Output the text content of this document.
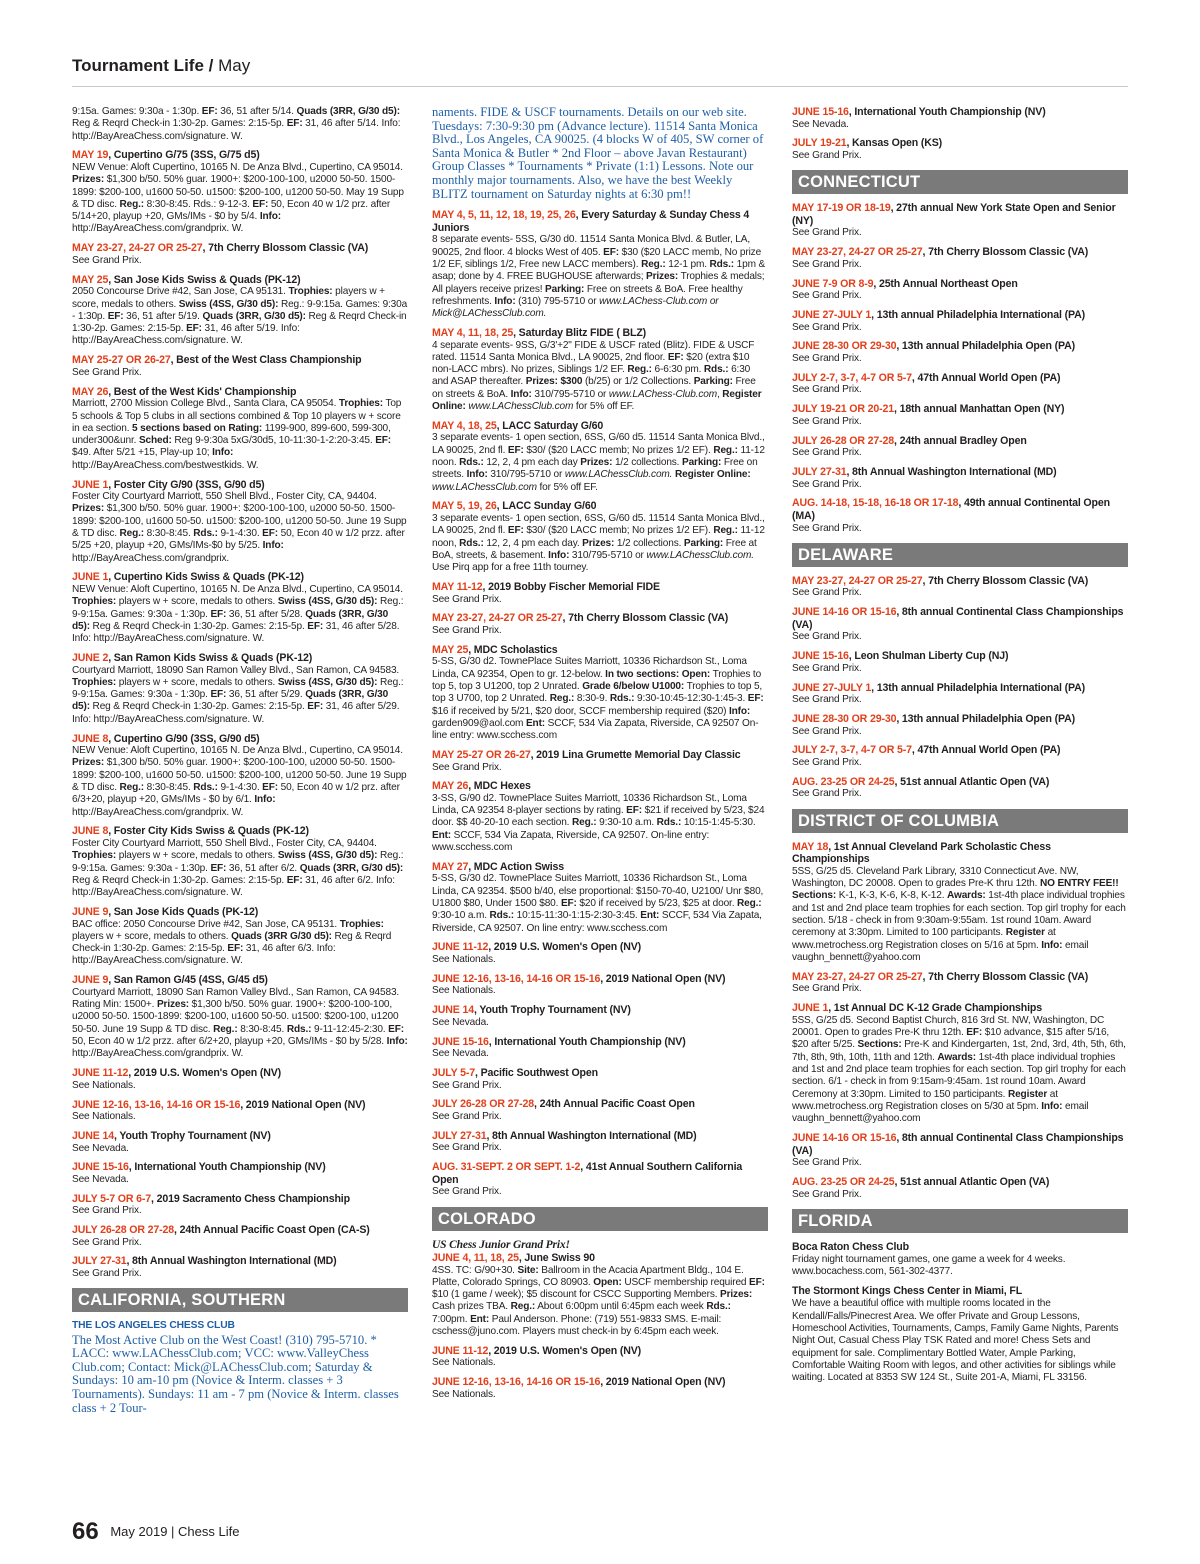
Tournament Life / May
9:15a. Games: 9:30a - 1:30p. EF: 36, 51 after 5/14. Quads (3RR, G/30 d5): Reg & Reqrd Check-in 1:30-2p. Games: 2:15-5p. EF: 31, 46 after 5/14. Info: http://BayAreaChess.com/signature. W.
MAY 19, Cupertino G/75 (3SS, G/75 d5)
NEW Venue: Aloft Cupertino, 10165 N. De Anza Blvd., Cupertino, CA 95014. Prizes: $1,300 b/50. 50% guar. 1900+: $200-100-100, u2000 50-50. 1500-1899: $200-100, u1600 50-50. u1500: $200-100, u1200 50-50. May 19 Supp & TD disc. Reg.: 8:30-8:45. Rds.: 9-12-3. EF: 50, Econ 40 w 1/2 prz. after 5/14+20, playup +20, GMs/IMs - $0 by 5/4. Info: http://BayAreaChess.com/grandprix. W.
MAY 23-27, 24-27 OR 25-27, 7th Cherry Blossom Classic (VA)
See Grand Prix.
MAY 25, San Jose Kids Swiss & Quads (PK-12)
2050 Concourse Drive #42, San Jose, CA 95131. Trophies: players w + score, medals to others. Swiss (4SS, G/30 d5): Reg.: 9-9:15a. Games: 9:30a - 1:30p. EF: 36, 51 after 5/19. Quads (3RR, G/30 d5): Reg & Reqrd Check-in 1:30-2p. Games: 2:15-5p. EF: 31, 46 after 5/19. Info: http://BayAreaChess.com/signature. W.
MAY 25-27 OR 26-27, Best of the West Class Championship
See Grand Prix.
MAY 26, Best of the West Kids' Championship
Marriott, 2700 Mission College Blvd., Santa Clara, CA 95054. Trophies: Top 5 schools & Top 5 clubs in all sections combined & Top 10 players w + score in ea section. 5 sections based on Rating: 1199-900, 899-600, 599-300, under300&unr. Sched: Reg 9-9:30a 5xG/30d5, 10-11:30-1-2:20-3:45. EF: $49. After 5/21 +15, Play-up 10; Info: http://BayAreaChess.com/bestwestkids. W.
JUNE 1, Foster City G/90 (3SS, G/90 d5)
Foster City Courtyard Marriott, 550 Shell Blvd., Foster City, CA, 94404. Prizes: $1,300 b/50. 50% guar. 1900+: $200-100-100, u2000 50-50. 1500-1899: $200-100, u1600 50-50. u1500: $200-100, u1200 50-50. June 19 Supp & TD disc. Reg.: 8:30-8:45. Rds.: 9-1-4:30. EF: 50, Econ 40 w 1/2 przz. after 5/25 +20, playup +20, GMs/IMs-$0 by 5/25. Info: http://BayAreaChess.com/grandprix.
JUNE 1, Cupertino Kids Swiss & Quads (PK-12)
NEW Venue: Aloft Cupertino, 10165 N. De Anza Blvd., Cupertino, CA 95014. Trophies: players w + score, medals to others. Swiss (4SS, G/30 d5): Reg.: 9-9:15a. Games: 9:30a - 1:30p. EF: 36, 51 after 5/28. Quads (3RR, G/30 d5): Reg & Reqrd Check-in 1:30-2p. Games: 2:15-5p. EF: 31, 46 after 5/28. Info: http://BayAreaChess.com/signature. W.
JUNE 2, San Ramon Kids Swiss & Quads (PK-12)
Courtyard Marriott, 18090 San Ramon Valley Blvd., San Ramon, CA 94583. Trophies: players w + score, medals to others. Swiss (4SS, G/30 d5): Reg.: 9-9:15a. Games: 9:30a - 1:30p. EF: 36, 51 after 5/29. Quads (3RR, G/30 d5): Reg & Reqrd Check-in 1:30-2p. Games: 2:15-5p. EF: 31, 46 after 5/29. Info: http://BayAreaChess.com/signature. W.
JUNE 8, Cupertino G/90 (3SS, G/90 d5)
NEW Venue: Aloft Cupertino, 10165 N. De Anza Blvd., Cupertino, CA 95014. Prizes: $1,300 b/50. 50% guar. 1900+: $200-100-100, u2000 50-50. 1500-1899: $200-100, u1600 50-50. u1500: $200-100, u1200 50-50. June 19 Supp & TD disc. Reg.: 8:30-8:45. Rds.: 9-1-4:30. EF: 50, Econ 40 w 1/2 prz. after 6/3+20, playup +20, GMs/IMs - $0 by 6/1. Info: http://BayAreaChess.com/grandprix. W.
JUNE 8, Foster City Kids Swiss & Quads (PK-12)
Foster City Courtyard Marriott, 550 Shell Blvd., Foster City, CA, 94404. Trophies: players w + score, medals to others. Swiss (4SS, G/30 d5): Reg.: 9-9:15a. Games: 9:30a - 1:30p. EF: 36, 51 after 6/2. Quads (3RR, G/30 d5): Reg & Reqrd Check-in 1:30-2p. Games: 2:15-5p. EF: 31, 46 after 6/2. Info: http://BayAreaChess.com/signature. W.
JUNE 9, San Jose Kids Quads (PK-12)
BAC office: 2050 Concourse Drive #42, San Jose, CA 95131. Trophies: players w + score, medals to others. Quads (3RR G/30 d5): Reg & Reqrd Check-in 1:30-2p. Games: 2:15-5p. EF: 31, 46 after 6/3. Info: http://BayAreaChess.com/signature. W.
JUNE 9, San Ramon G/45 (4SS, G/45 d5)
Courtyard Marriott, 18090 San Ramon Valley Blvd., San Ramon, CA 94583. Rating Min: 1500+. Prizes: $1,300 b/50. 50% guar. 1900+: $200-100-100, u2000 50-50. 1500-1899: $200-100, u1600 50-50. u1500: $200-100, u1200 50-50. June 19 Supp & TD disc. Reg.: 8:30-8:45. Rds.: 9-11-12:45-2:30. EF: 50, Econ 40 w 1/2 przz. after 6/2+20, playup +20, GMs/IMs - $0 by 5/28. Info: http://BayAreaChess.com/grandprix. W.
JUNE 11-12, 2019 U.S. Women's Open (NV)
See Nationals.
JUNE 12-16, 13-16, 14-16 OR 15-16, 2019 National Open (NV)
See Nationals.
JUNE 14, Youth Trophy Tournament (NV)
See Nevada.
JUNE 15-16, International Youth Championship (NV)
See Nevada.
JULY 5-7 OR 6-7, 2019 Sacramento Chess Championship
See Grand Prix.
JULY 26-28 OR 27-28, 24th Annual Pacific Coast Open (CA-S)
See Grand Prix.
JULY 27-31, 8th Annual Washington International (MD)
See Grand Prix.
CALIFORNIA, SOUTHERN
THE LOS ANGELES CHESS CLUB
The Most Active Club on the West Coast! (310) 795-5710. * LACC: www.LAChessClub.com; VCC: www.ValleyChess Club.com; Contact: Mick@LAChessClub.com; Saturday & Sundays: 10 am-10 pm (Novice & Interm. classes + 3 Tournaments). Sundays: 11 am - 7 pm (Novice & Interm. classes class + 2 Tour-
naments. FIDE & USCF tournaments. Details on our web site. Tuesdays: 7:30-9:30 pm (Advance lecture). 11514 Santa Monica Blvd., Los Angeles, CA 90025. (4 blocks W of 405, SW corner of Santa Monica & Butler * 2nd Floor – above Javan Restaurant) Group Classes * Tournaments * Private (1:1) Lessons. Note our monthly major tournaments. Also, we have the best Weekly BLITZ tournament on Saturday nights at 6:30 pm!!
MAY 4, 5, 11, 12, 18, 19, 25, 26, Every Saturday & Sunday Chess 4 Juniors
8 separate events- 5SS, G/30 d0. 11514 Santa Monica Blvd. & Butler, LA, 90025, 2nd floor. 4 blocks West of 405. EF: $30 ($20 LACC memb, No prize 1/2 EF, siblings 1/2, Free new LACC members). Reg.: 12-1 pm. Rds.: 1pm & asap; done by 4. FREE BUGHOUSE afterwards; Prizes: Trophies & medals; All players receive prizes! Parking: Free on streets & BoA. Free healthy refreshments. Info: (310) 795-5710 or www.LAChess-Club.com or Mick@LAChessClub.com.
MAY 4, 11, 18, 25, Saturday Blitz FIDE ( BLZ)
4 separate events- 9SS, G/3'+2" FIDE & USCF rated (Blitz). FIDE & USCF rated. 11514 Santa Monica Blvd., LA 90025, 2nd floor. EF: $20 (extra $10 non-LACC mbrs). No prizes, Siblings 1/2 EF. Reg.: 6-6:30 pm. Rds.: 6:30 and ASAP thereafter. Prizes: $300 (b/25) or 1/2 Collections. Parking: Free on streets & BoA. Info: 310/795-5710 or www.LAChess-Club.com, Register Online: www.LAChessClub.com for 5% off EF.
MAY 4, 18, 25, LACC Saturday G/60
3 separate events- 1 open section, 6SS, G/60 d5. 11514 Santa Monica Blvd., LA 90025, 2nd fl. EF: $30/ ($20 LACC memb; No prizes 1/2 EF). Reg.: 11-12 noon. Rds.: 12, 2, 4 pm each day Prizes: 1/2 collections. Parking: Free on streets. Info: 310/795-5710 or www.LAChessClub.com. Register Online: www.LAChessClub.com for 5% off EF.
MAY 5, 19, 26, LACC Sunday G/60
3 separate events- 1 open section, 6SS, G/60 d5. 11514 Santa Monica Blvd., LA 90025, 2nd fl. EF: $30/ ($20 LACC memb; No prizes 1/2 EF). Reg.: 11-12 noon, Rds.: 12, 2, 4 pm each day. Prizes: 1/2 collections. Parking: Free at BoA, streets, & basement. Info: 310/795-5710 or www.LAChessClub.com. Use Pirq app for a free 11th tourney.
MAY 11-12, 2019 Bobby Fischer Memorial FIDE
See Grand Prix.
MAY 23-27, 24-27 OR 25-27, 7th Cherry Blossom Classic (VA)
See Grand Prix.
MAY 25, MDC Scholastics
5-SS, G/30 d2. TownePlace Suites Marriott, 10336 Richardson St., Loma Linda, CA 92354, Open to gr. 12-below. In two sections: Open: Trophies to top 5, top 3 U1200, top 2 Unrated. Grade 6/below U1000: Trophies to top 5, top 3 U700, top 2 Unrated. Reg.: 8:30-9. Rds.: 9:30-10:45-12:30-1:45-3. EF: $16 if received by 5/21, $20 door, SCCF membership required ($20) Info: garden909@aol.com Ent: SCCF, 534 Via Zapata, Riverside, CA 92507 On-line entry: www.scchess.com
MAY 25-27 OR 26-27, 2019 Lina Grumette Memorial Day Classic
See Grand Prix.
MAY 26, MDC Hexes
3-SS, G/90 d2. TownePlace Suites Marriott, 10336 Richardson St., Loma Linda, CA 92354 8-player sections by rating. EF: $21 if received by 5/23, $24 door. $$ 40-20-10 each section. Reg.: 9:30-10 a.m. Rds.: 10:15-1:45-5:30. Ent: SCCF, 534 Via Zapata, Riverside, CA 92507. On-line entry: www.scchess.com
MAY 27, MDC Action Swiss
5-SS, G/30 d2. TownePlace Suites Marriott, 10336 Richardson St., Loma Linda, CA 92354. $500 b/40, else proportional: $150-70-40, U2100/ Unr $80, U1800 $80, Under 1500 $80. EF: $20 if received by 5/23, $25 at door. Reg.: 9:30-10 a.m. Rds.: 10:15-11:30-1:15-2:30-3:45. Ent: SCCF, 534 Via Zapata, Riverside, CA 92507. On line entry: www.scchess.com
JUNE 11-12, 2019 U.S. Women's Open (NV)
See Nationals.
JUNE 12-16, 13-16, 14-16 OR 15-16, 2019 National Open (NV)
See Nationals.
JUNE 14, Youth Trophy Tournament (NV)
See Nevada.
JUNE 15-16, International Youth Championship (NV)
See Nevada.
JULY 5-7, Pacific Southwest Open
See Grand Prix.
JULY 26-28 OR 27-28, 24th Annual Pacific Coast Open
See Grand Prix.
JULY 27-31, 8th Annual Washington International (MD)
See Grand Prix.
AUG. 31-SEPT. 2 OR SEPT. 1-2, 41st Annual Southern California Open
See Grand Prix.
COLORADO
US Chess Junior Grand Prix!
JUNE 4, 11, 18, 25, June Swiss 90
4SS. TC: G/90+30. Site: Ballroom in the Acacia Apartment Bldg., 104 E. Platte, Colorado Springs, CO 80903. Open: USCF membership required EF: $10 (1 game / week); $5 discount for CSCC Supporting Members. Prizes: Cash prizes TBA. Reg.: About 6:00pm until 6:45pm each week Rds.: 7:00pm. Ent: Paul Anderson. Phone: (719) 551-9833 SMS. E-mail: cschess@juno.com. Players must check-in by 6:45pm each week.
JUNE 11-12, 2019 U.S. Women's Open (NV)
See Nationals.
JUNE 12-16, 13-16, 14-16 OR 15-16, 2019 National Open (NV)
See Nationals.
JUNE 15-16, International Youth Championship (NV)
See Nevada.
JULY 19-21, Kansas Open (KS)
See Grand Prix.
CONNECTICUT
MAY 17-19 OR 18-19, 27th annual New York State Open and Senior (NY)
See Grand Prix.
MAY 23-27, 24-27 OR 25-27, 7th Cherry Blossom Classic (VA)
See Grand Prix.
JUNE 7-9 OR 8-9, 25th Annual Northeast Open
See Grand Prix.
JUNE 27-JULY 1, 13th annual Philadelphia International (PA)
See Grand Prix.
JUNE 28-30 OR 29-30, 13th annual Philadelphia Open (PA)
See Grand Prix.
JULY 2-7, 3-7, 4-7 OR 5-7, 47th Annual World Open (PA)
See Grand Prix.
JULY 19-21 OR 20-21, 18th annual Manhattan Open (NY)
See Grand Prix.
JULY 26-28 OR 27-28, 24th annual Bradley Open
See Grand Prix.
JULY 27-31, 8th Annual Washington International (MD)
See Grand Prix.
AUG. 14-18, 15-18, 16-18 OR 17-18, 49th annual Continental Open (MA)
See Grand Prix.
DELAWARE
MAY 23-27, 24-27 OR 25-27, 7th Cherry Blossom Classic (VA)
See Grand Prix.
JUNE 14-16 OR 15-16, 8th annual Continental Class Championships (VA)
See Grand Prix.
JUNE 15-16, Leon Shulman Liberty Cup (NJ)
See Grand Prix.
JUNE 27-JULY 1, 13th annual Philadelphia International (PA)
See Grand Prix.
JUNE 28-30 OR 29-30, 13th annual Philadelphia Open (PA)
See Grand Prix.
JULY 2-7, 3-7, 4-7 OR 5-7, 47th Annual World Open (PA)
See Grand Prix.
AUG. 23-25 OR 24-25, 51st annual Atlantic Open (VA)
See Grand Prix.
DISTRICT OF COLUMBIA
MAY 18, 1st Annual Cleveland Park Scholastic Chess Championships
5SS, G/25 d5. Cleveland Park Library, 3310 Connecticut Ave. NW, Washington, DC 20008. Open to grades Pre-K thru 12th. NO ENTRY FEE!! Sections: K-1, K-3, K-6, K-8, K-12. Awards: 1st-4th place individual trophies and 1st and 2nd place team trophies for each section. Top girl trophy for each section. 5/18 - check in from 9:30am-9:55am. 1st round 10am. Award ceremony at 3:30pm. Limited to 100 participants. Register at www.metrochess.org Registration closes on 5/16 at 5pm. Info: email vaughn_bennett@yahoo.com
MAY 23-27, 24-27 OR 25-27, 7th Cherry Blossom Classic (VA)
See Grand Prix.
JUNE 1, 1st Annual DC K-12 Grade Championships
5SS, G/25 d5. Second Baptist Church, 816 3rd St. NW, Washington, DC 20001. Open to grades Pre-K thru 12th. EF: $10 advance, $15 after 5/16, $20 after 5/25. Sections: Pre-K and Kindergarten, 1st, 2nd, 3rd, 4th, 5th, 6th, 7th, 8th, 9th, 10th, 11th and 12th. Awards: 1st-4th place individual trophies and 1st and 2nd place team trophies for each section. Top girl trophy for each section. 6/1 - check in from 9:15am-9:45am. 1st round 10am. Award Ceremony at 3:30pm. Limited to 150 participants. Register at www.metrochess.org Registration closes on 5/30 at 5pm. Info: email vaughn_bennett@yahoo.com
JUNE 14-16 OR 15-16, 8th annual Continental Class Championships (VA)
See Grand Prix.
AUG. 23-25 OR 24-25, 51st annual Atlantic Open (VA)
See Grand Prix.
FLORIDA
Boca Raton Chess Club
Friday night tournament games, one game a week for 4 weeks. www.bocachess.com, 561-302-4377.
The Stormont Kings Chess Center in Miami, FL
We have a beautiful office with multiple rooms located in the Kendall/Falls/Pinecrest Area. We offer Private and Group Lessons, Homeschool Activities, Tournaments, Camps, Family Game Nights, Parents Night Out, Casual Chess Play TSK Rated and more! Chess Sets and equipment for sale. Complimentary Bottled Water, Ample Parking, Comfortable Waiting Room with legos, and other activities for siblings while waiting. Located at 8353 SW 124 St., Suite 201-A, Miami, FL 33156.
66 May 2019 | Chess Life
